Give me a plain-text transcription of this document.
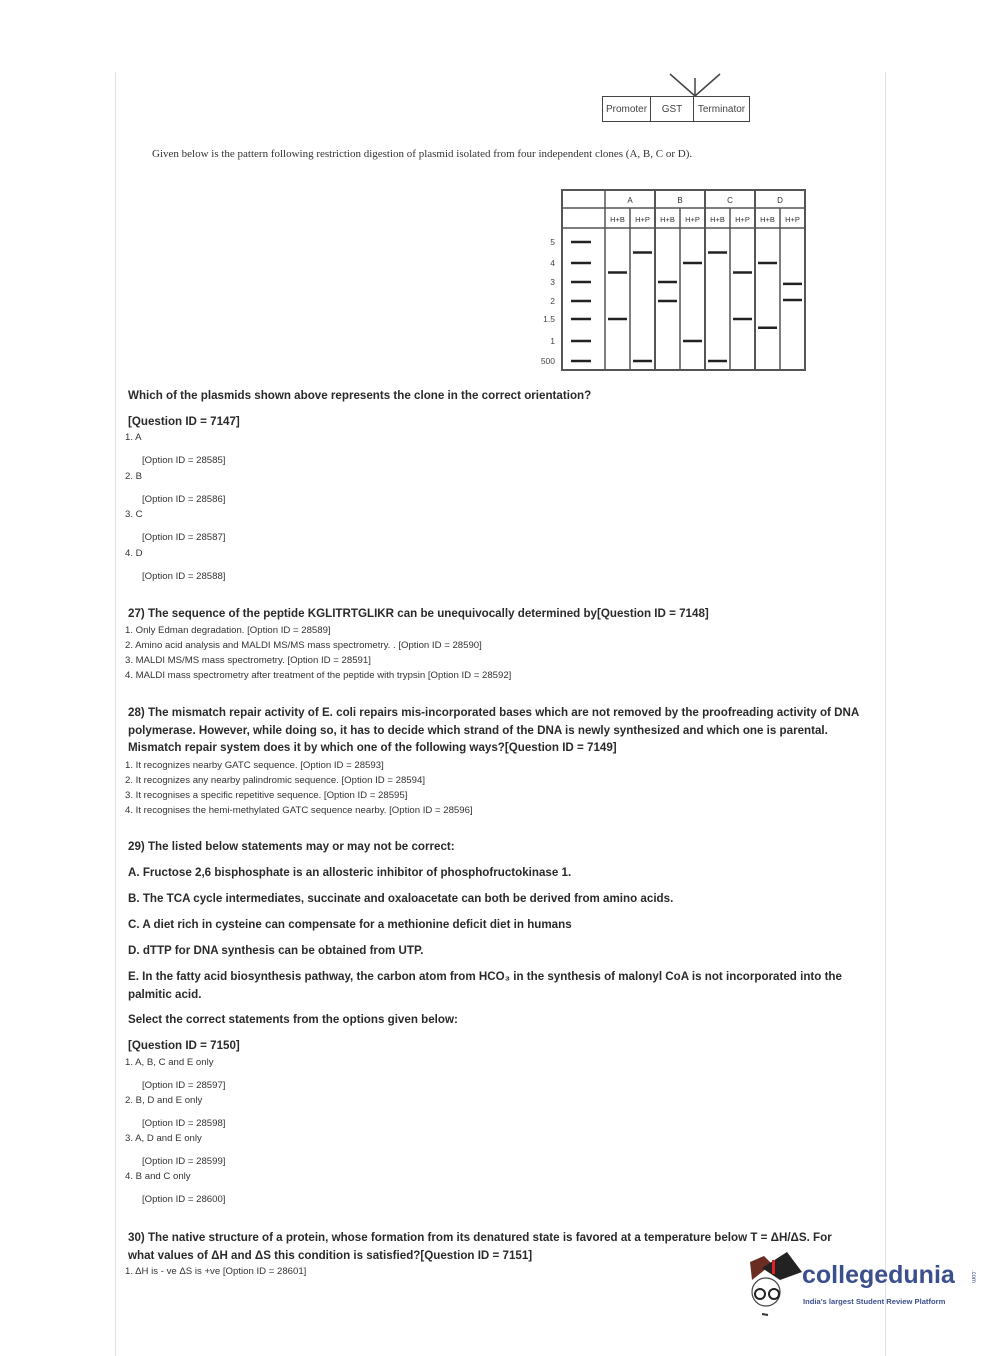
Promoter	GST	Terminator
Given below is the pattern following restriction digestion of plasmid isolated from four independent clones (A, B, C or D).
H+B H+P H+B H+P H+B H+P H+B H+P
A	B	C	D
5
4
3
2
1.5
1
500
Which of the plasmids shown above represents the clone in the correct orientation?
[Question ID = 7147]
1. A
[Option ID = 28585]
2. B
[Option ID = 28586]
3. C
[Option ID = 28587]
4. D
[Option ID = 28588]
27) The sequence of the peptide KGLITRTGLIKR can be unequivocally determined by[Question ID = 7148]
1. Only Edman degradation. [Option ID = 28589]
2. Amino acid analysis and MALDI MS/MS mass spectrometry. . [Option ID = 28590]
3. MALDI MS/MS mass spectrometry. [Option ID = 28591]
4. MALDI mass spectrometry after treatment of the peptide with trypsin [Option ID = 28592]
28) The mismatch repair activity of E. coli repairs mis-incorporated bases which are not removed by the proofreading activity of DNA polymerase. However, while doing so, it has to decide which strand of the DNA is newly synthesized and which one is parental. Mismatch repair system does it by which one of the following ways?[Question ID = 7149]
1. It recognizes nearby GATC sequence. [Option ID = 28593]
2. It recognizes any nearby palindromic sequence. [Option ID = 28594]
3. It recognises a specific repetitive sequence. [Option ID = 28595]
4. It recognises the hemi-methylated GATC sequence nearby. [Option ID = 28596]
29) The listed below statements may or may not be correct:
A. Fructose 2,6 bisphosphate is an allosteric inhibitor of phosphofructokinase 1.
B. The TCA cycle intermediates, succinate and oxaloacetate can both be derived from amino acids.
C. A diet rich in cysteine can compensate for a methionine deficit diet in humans
D. dTTP for DNA synthesis can be obtained from UTP.
E. In the fatty acid biosynthesis pathway, the carbon atom from HCO₃ in the synthesis of malonyl CoA is not incorporated into the palmitic acid.
Select the correct statements from the options given below:
[Question ID = 7150]
1. A, B, C and E only
[Option ID = 28597]
2. B, D and E only
[Option ID = 28598]
3. A, D and E only
[Option ID = 28599]
4. B and C only
[Option ID = 28600]
30) The native structure of a protein, whose formation from its denatured state is favored at a temperature below T = ΔH/ΔS. For what values of ΔH and ΔS this condition is satisfied?[Question ID = 7151]
1. ΔH is - ve ΔS is +ve [Option ID = 28601]	collegedunia	.com
India's largest Student Review Platform
